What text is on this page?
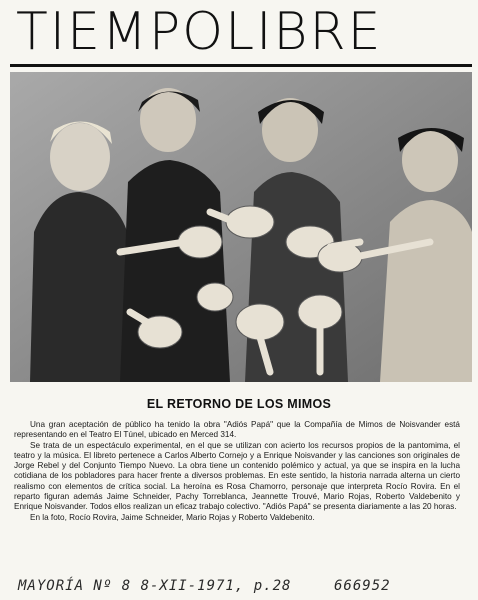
TIEMPOLIBRE
EL RETORNO DE LOS MIMOS

Una gran aceptación de público ha tenido la obra "Adiós Papá" que la Compañía de Mimos de Noisvander está representando en el Teatro El Túnel, ubicado en Merced 314.

Se trata de un espectáculo experimental, en el que se utilizan con acierto los recursos propios de la pantomima, el teatro y la música. El libreto pertenece a Carlos Alberto Cornejo y a Enrique Noisvander y las canciones son originales de Jorge Rebel y del Conjunto Tiempo Nuevo. La obra tiene un contenido polémico y actual, ya que se inspira en la lucha cotidiana de los pobladores para hacer frente a diversos problemas. En este sentido, la historia narrada alterna un cierto realismo con elementos de crítica social. La heroína es Rosa Chamorro, personaje que interpreta Rocío Rovira. En el reparto figuran además Jaime Schneider, Pachy Torreblanca, Jeannette Trouvé, Mario Rojas, Roberto Valdebenito y Enrique Noisvander. Todos ellos realizan un eficaz trabajo colectivo. "Adiós Papá" se presenta diariamente a las 20 horas.

En la foto, Rocío Rovira, Jaime Schneider, Mario Rojas y Roberto Valdebenito.

MAYORÍA Nº 8 8-XII-1971, p.28	666952
